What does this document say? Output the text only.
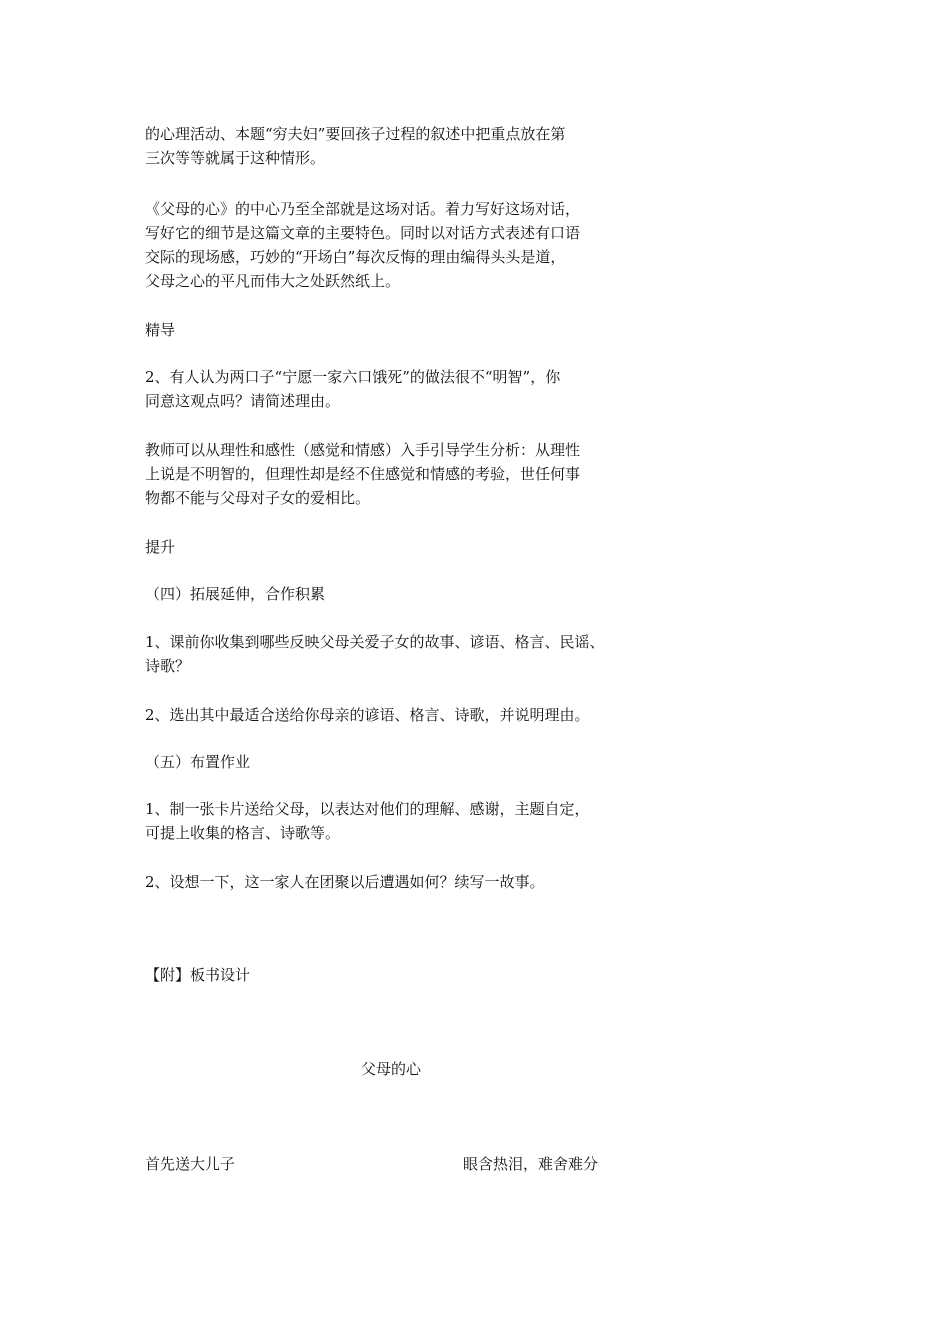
的心理活动、本题“穷夫妇”要回孩子过程的叙述中把重点放在第
三次等等就属于这种情形。

《父母的心》的中心乃至全部就是这场对话。着力写好这场对话，
写好它的细节是这篇文章的主要特色。同时以对话方式表述有口语
交际的现场感，巧妙的“开场白”每次反悔的理由编得头头是道，
父母之心的平凡而伟大之处跃然纸上。

精导

2、有人认为两口子“宁愿一家六口饿死”的做法很不“明智”，你
同意这观点吗？请简述理由。

教师可以从理性和感性（感觉和情感）入手引导学生分析：从理性
上说是不明智的，但理性却是经不住感觉和情感的考验，世任何事
物都不能与父母对子女的爱相比。

提升

（四）拓展延伸，合作积累

1、课前你收集到哪些反映父母关爱子女的故事、谚语、格言、民谣、
诗歌？

2、选出其中最适合送给你母亲的谚语、格言、诗歌，并说明理由。

（五）布置作业

1、制一张卡片送给父母，以表达对他们的理解、感谢，主题自定，
可提上收集的格言、诗歌等。

2、设想一下，这一家人在团聚以后遭遇如何？续写一故事。

【附】板书设计

父母的心

首先送大儿子	眼含热泪，难舍难分
